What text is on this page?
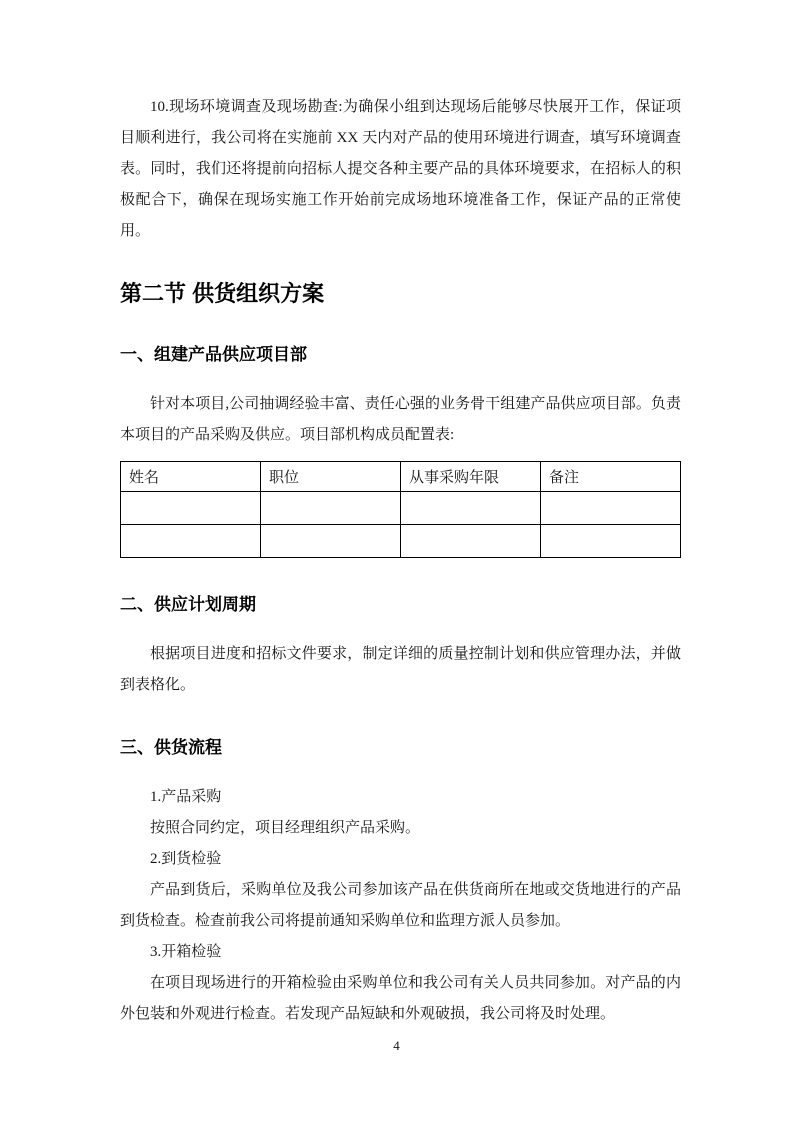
10.现场环境调查及现场勘查:为确保小组到达现场后能够尽快展开工作，保证项目顺利进行，我公司将在实施前 XX 天内对产品的使用环境进行调查，填写环境调查表。同时，我们还将提前向招标人提交各种主要产品的具体环境要求，在招标人的积极配合下，确保在现场实施工作开始前完成场地环境准备工作，保证产品的正常使用。

第二节 供货组织方案
一、组建产品供应项目部

针对本项目,公司抽调经验丰富、责任心强的业务骨干组建产品供应项目部。负责本项目的产品采购及供应。项目部机构成员配置表:

姓名	职位	从事采购年限	备注

二、供应计划周期

根据项目进度和招标文件要求，制定详细的质量控制计划和供应管理办法，并做到表格化。

三、供货流程

1.产品采购

按照合同约定，项目经理组织产品采购。

2.到货检验

产品到货后，采购单位及我公司参加该产品在供货商所在地或交货地进行的产品到货检查。检查前我公司将提前通知采购单位和监理方派人员参加。

3.开箱检验

在项目现场进行的开箱检验由采购单位和我公司有关人员共同参加。对产品的内外包装和外观进行检查。若发现产品短缺和外观破损，我公司将及时处理。

4
